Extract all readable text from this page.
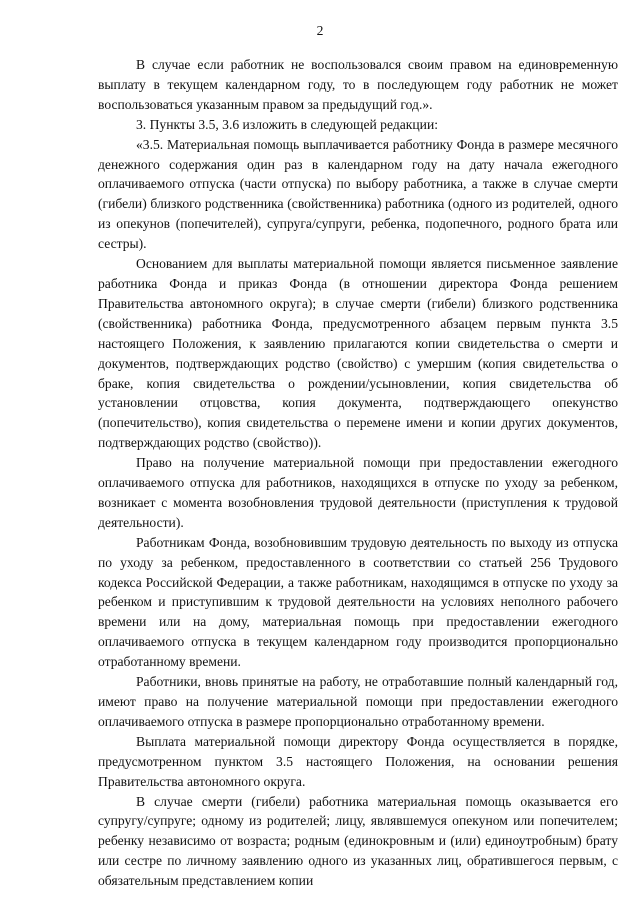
2

В случае если работник не воспользовался своим правом на единовременную выплату в текущем календарном году, то в последующем году работник не может воспользоваться указанным правом за предыдущий год.».

3. Пункты 3.5, 3.6 изложить в следующей редакции:

«3.5. Материальная помощь выплачивается работнику Фонда в размере месячного денежного содержания один раз в календарном году на дату начала ежегодного оплачиваемого отпуска (части отпуска) по выбору работника, а также в случае смерти (гибели) близкого родственника (свойственника) работника (одного из родителей, одного из опекунов (попечителей), супруга/супруги, ребенка, подопечного, родного брата или сестры).

Основанием для выплаты материальной помощи является письменное заявление работника Фонда и приказ Фонда (в отношении директора Фонда решением Правительства автономного округа); в случае смерти (гибели) близкого родственника (свойственника) работника Фонда, предусмотренного абзацем первым пункта 3.5 настоящего Положения, к заявлению прилагаются копии свидетельства о смерти и документов, подтверждающих родство (свойство) с умершим (копия свидетельства о браке, копия свидетельства о рождении/усыновлении, копия свидетельства об установлении отцовства, копия документа, подтверждающего опекунство (попечительство), копия свидетельства о перемене имени и копии других документов, подтверждающих родство (свойство)).

Право на получение материальной помощи при предоставлении ежегодного оплачиваемого отпуска для работников, находящихся в отпуске по уходу за ребенком, возникает с момента возобновления трудовой деятельности (приступления к трудовой деятельности).

Работникам Фонда, возобновившим трудовую деятельность по выходу из отпуска по уходу за ребенком, предоставленного в соответствии со статьей 256 Трудового кодекса Российской Федерации, а также работникам, находящимся в отпуске по уходу за ребенком и приступившим к трудовой деятельности на условиях неполного рабочего времени или на дому, материальная помощь при предоставлении ежегодного оплачиваемого отпуска в текущем календарном году производится пропорционально отработанному времени.

Работники, вновь принятые на работу, не отработавшие полный календарный год, имеют право на получение материальной помощи при предоставлении ежегодного оплачиваемого отпуска в размере пропорционально отработанному времени.

Выплата материальной помощи директору Фонда осуществляется в порядке, предусмотренном пунктом 3.5 настоящего Положения, на основании решения Правительства автономного округа.

В случае смерти (гибели) работника материальная помощь оказывается его супругу/супруге; одному из родителей; лицу, являвшемуся опекуном или попечителем; ребенку независимо от возраста; родным (единокровным и (или) единоутробным) брату или сестре по личному заявлению одного из указанных лиц, обратившегося первым, с обязательным представлением копии
